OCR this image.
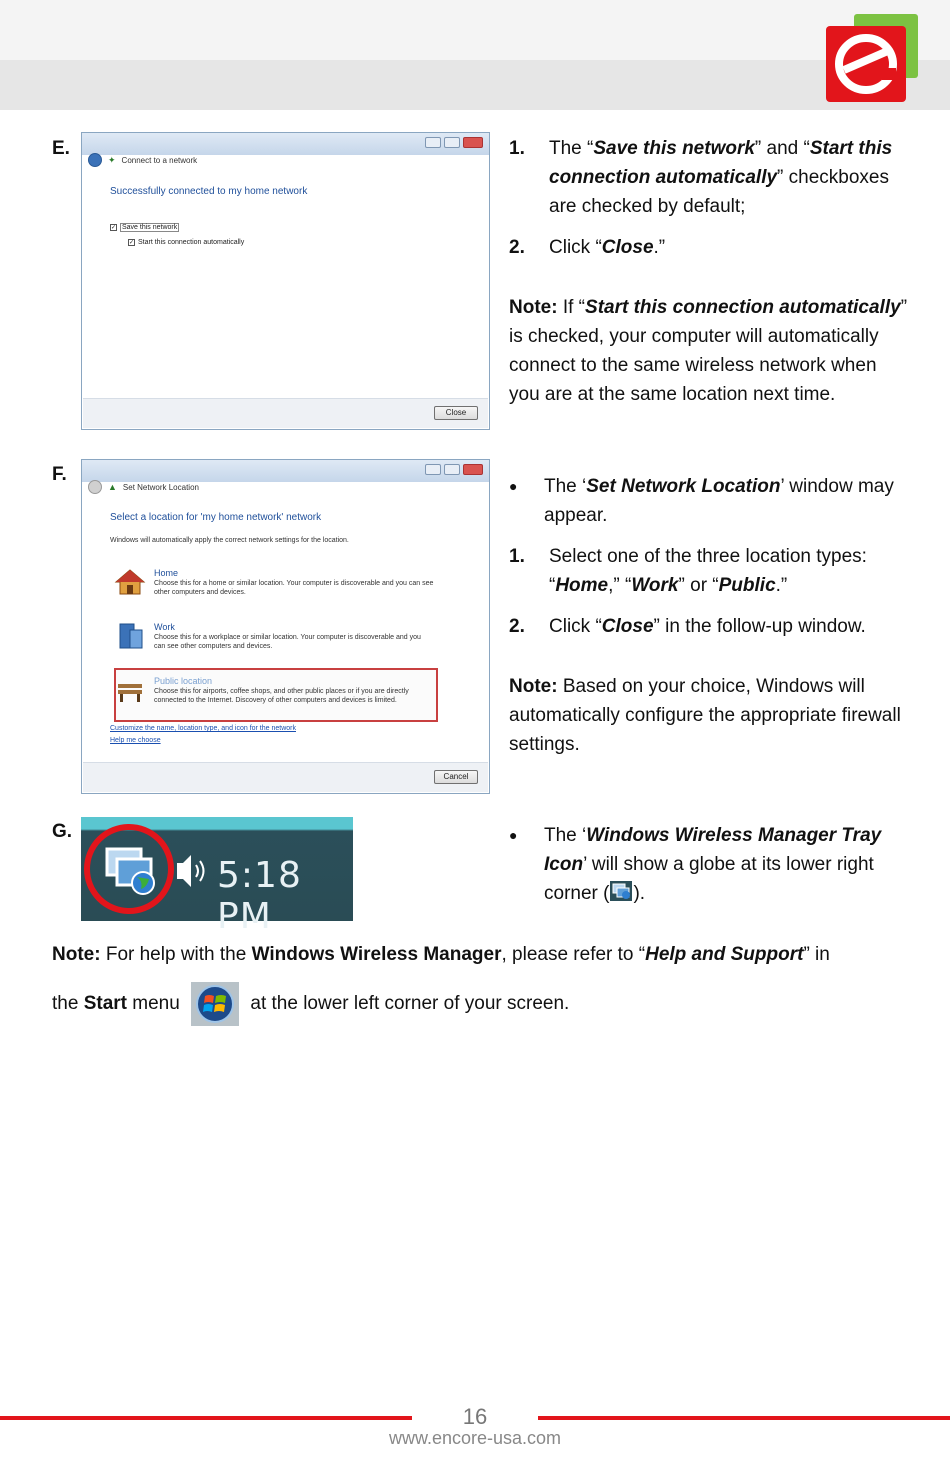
E.
✦ Connect to a network
Successfully connected to my home network
✓ Save this network
✓ Start this connection automatically
Close
1. The “Save this network” and “Start this connection automatically” checkboxes are checked by default;
2. Click “Close.”
Note: If “Start this connection automatically” is checked, your computer will automatically connect to the same wireless network when you are at the same location next time.
F.
▲ Set Network Location
Select a location for 'my home network' network
Windows will automatically apply the correct network settings for the location.
Home
Choose this for a home or similar location. Your computer is discoverable and you can see other computers and devices.
Work
Choose this for a workplace or similar location. Your computer is discoverable and you can see other computers and devices.
Public location
Choose this for airports, coffee shops, and other public places or if you are directly connected to the Internet. Discovery of other computers and devices is limited.
Customize the name, location type, and icon for the network
Help me choose
Cancel
● The ‘Set Network Location’ window may appear.
1. Select one of the three location types: “Home,” “Work” or “Public.”
2. Click “Close” in the follow-up window.
Note: Based on your choice, Windows will automatically configure the appropriate firewall settings.
G.
5:18 PM
● The ‘Windows Wireless Manager Tray Icon’ will show a globe at its lower right corner ( ).
Note: For help with the Windows Wireless Manager, please refer to “Help and Support” in
the Start menu	at the lower left corner of your screen.
16
www.encore-usa.com
